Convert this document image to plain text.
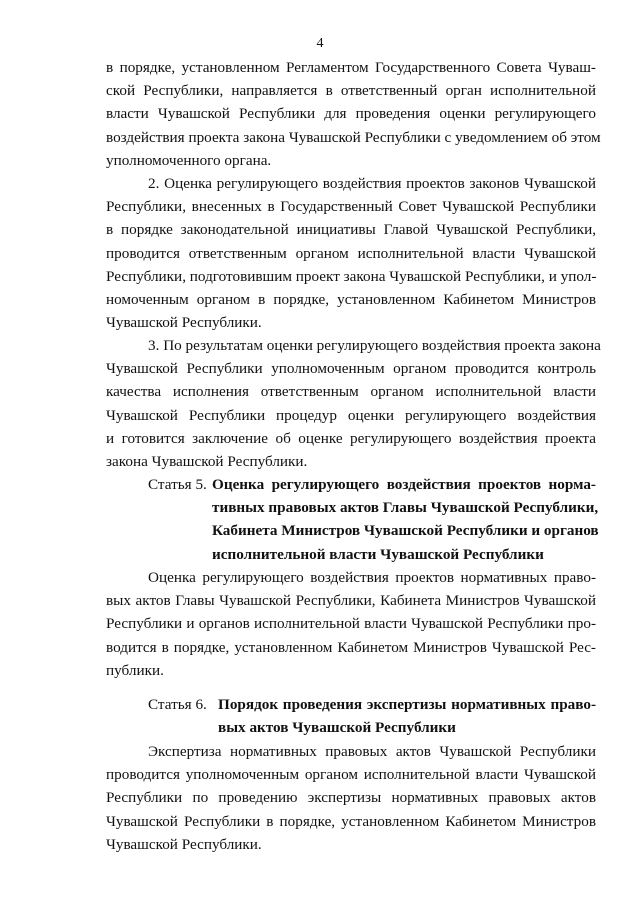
4
в порядке, установленном Регламентом Государственного Совета Чуваш-
ской Республики, направляется в ответственный орган исполнительной
власти Чувашской Республики для проведения оценки регулирующего
воздействия проекта закона Чувашской Республики с уведомлением об этом
уполномоченного органа.
2. Оценка регулирующего воздействия проектов законов Чувашской
Республики, внесенных в Государственный Совет Чувашской Республики
в порядке законодательной инициативы Главой Чувашской Республики,
проводится ответственным органом исполнительной власти Чувашской
Республики, подготовившим проект закона Чувашской Республики, и упол-
номоченным органом в порядке, установленном Кабинетом Министров
Чувашской Республики.
3. По результатам оценки регулирующего воздействия проекта закона
Чувашской Республики уполномоченным органом проводится контроль
качества исполнения ответственным органом исполнительной власти
Чувашской Республики процедур оценки регулирующего воздействия
и готовится заключение об оценке регулирующего воздействия проекта
закона Чувашской Республики.
Статья 5. Оценка регулирующего воздействия проектов норма-
тивных правовых актов Главы Чувашской Республики,
Кабинета Министров Чувашской Республики и органов
исполнительной власти Чувашской Республики
Оценка регулирующего воздействия проектов нормативных право-
вых актов Главы Чувашской Республики, Кабинета Министров Чувашской
Республики и органов исполнительной власти Чувашской Республики про-
водится в порядке, установленном Кабинетом Министров Чувашской Рес-
публики.
Статья 6. Порядок проведения экспертизы нормативных право-
вых актов Чувашской Республики
Экспертиза нормативных правовых актов Чувашской Республики
проводится уполномоченным органом исполнительной власти Чувашской
Республики по проведению экспертизы нормативных правовых актов
Чувашской Республики в порядке, установленном Кабинетом Министров
Чувашской Республики.
